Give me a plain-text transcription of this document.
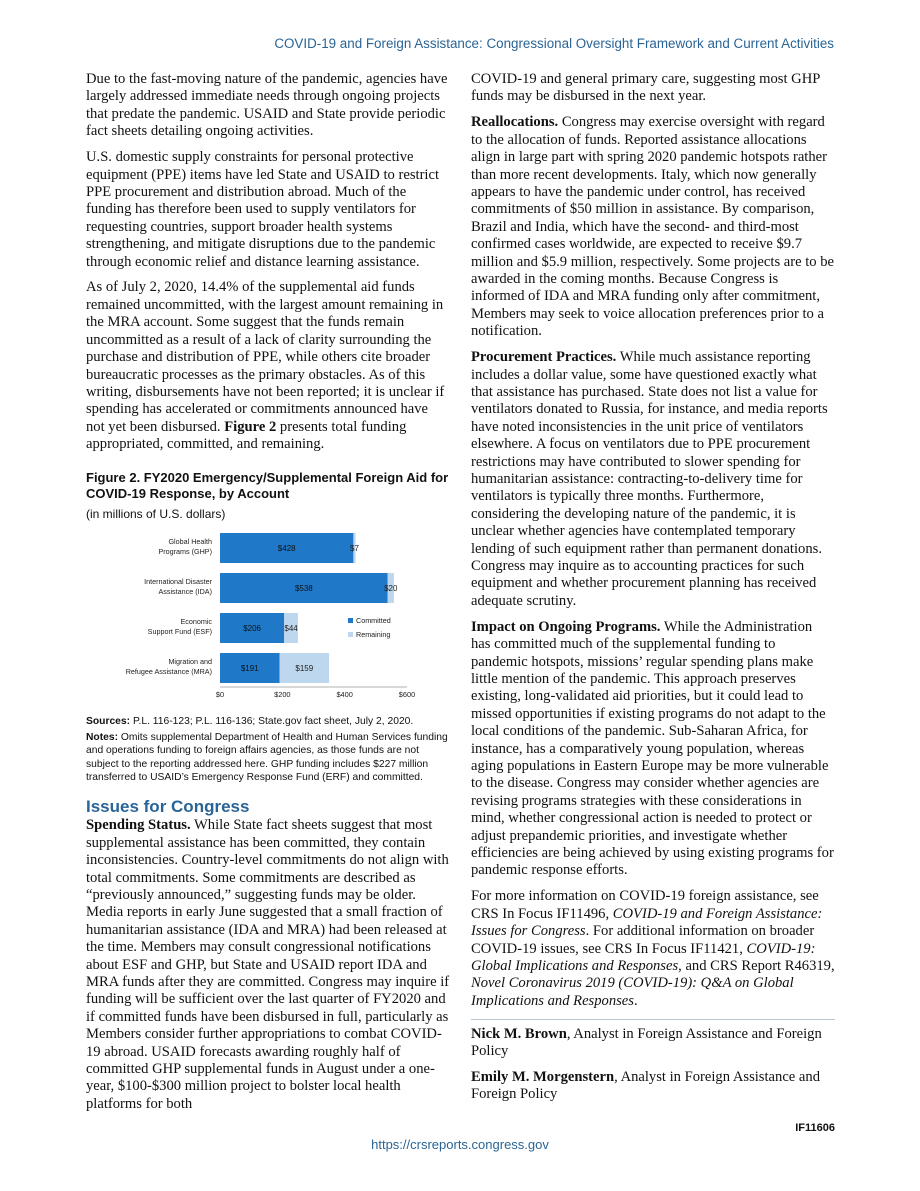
COVID-19 and Foreign Assistance: Congressional Oversight Framework and Current Activities

Due to the fast-moving nature of the pandemic, agencies have largely addressed immediate needs through ongoing projects that predate the pandemic. USAID and State provide periodic fact sheets detailing ongoing activities.

U.S. domestic supply constraints for personal protective equipment (PPE) items have led State and USAID to restrict PPE procurement and distribution abroad. Much of the funding has therefore been used to supply ventilators for requesting countries, support broader health systems strengthening, and mitigate disruptions due to the pandemic through economic relief and distance learning assistance.

As of July 2, 2020, 14.4% of the supplemental aid funds remained uncommitted, with the largest amount remaining in the MRA account. Some suggest that the funds remain uncommitted as a result of a lack of clarity surrounding the purchase and distribution of PPE, while others cite broader bureaucratic processes as the primary obstacles. As of this writing, disbursements have not been reported; it is unclear if spending has accelerated or commitments announced have not yet been disbursed. Figure 2 presents total funding appropriated, committed, and remaining.

Figure 2. FY2020 Emergency/Supplemental Foreign Aid for COVID-19 Response, by Account
(in millions of U.S. dollars)
Global Health
Programs (GHP)	$428	$7
International Disaster
Assistance (IDA)	$538	$20
Economic
Support Fund (ESF)	$206	$44
Migration and
Refugee Assistance (MRA)	$191	$159
$0	$200	$400	$600
Committed
Remaining
Sources: P.L. 116-123; P.L. 116-136; State.gov fact sheet, July 2, 2020.
Notes: Omits supplemental Department of Health and Human Services funding and operations funding to foreign affairs agencies, as those funds are not subject to the reporting addressed here. GHP funding includes $227 million transferred to USAID’s Emergency Response Fund (ERF) and committed.
Issues for Congress

Spending Status. While State fact sheets suggest that most supplemental assistance has been committed, they contain inconsistencies. Country-level commitments do not align with total commitments. Some commitments are described as “previously announced,” suggesting funds may be older. Media reports in early June suggested that a small fraction of humanitarian assistance (IDA and MRA) had been released at the time. Members may consult congressional notifications about ESF and GHP, but State and USAID report IDA and MRA funds after they are committed. Congress may inquire if funding will be sufficient over the last quarter of FY2020 and if committed funds have been disbursed in full, particularly as Members consider further appropriations to combat COVID-19 abroad. USAID forecasts awarding roughly half of committed GHP supplemental funds in August under a one-year, $100-$300 million project to bolster local health platforms for both

COVID-19 and general primary care, suggesting most GHP funds may be disbursed in the next year.

Reallocations. Congress may exercise oversight with regard to the allocation of funds. Reported assistance allocations align in large part with spring 2020 pandemic hotspots rather than more recent developments. Italy, which now generally appears to have the pandemic under control, has received commitments of $50 million in assistance. By comparison, Brazil and India, which have the second- and third-most confirmed cases worldwide, are expected to receive $9.7 million and $5.9 million, respectively. Some projects are to be awarded in the coming months. Because Congress is informed of IDA and MRA funding only after commitment, Members may seek to voice allocation preferences prior to a notification.

Procurement Practices. While much assistance reporting includes a dollar value, some have questioned exactly what that assistance has purchased. State does not list a value for ventilators donated to Russia, for instance, and media reports have noted inconsistencies in the unit price of ventilators elsewhere. A focus on ventilators due to PPE procurement restrictions may have contributed to slower spending for humanitarian assistance: contracting-to-delivery time for ventilators is typically three months. Furthermore, considering the developing nature of the pandemic, it is unclear whether agencies have contemplated temporary lending of such equipment rather than permanent donations. Congress may inquire as to accounting practices for such equipment and whether procurement planning has received adequate scrutiny.

Impact on Ongoing Programs. While the Administration has committed much of the supplemental funding to pandemic hotspots, missions’ regular spending plans make little mention of the pandemic. This approach preserves existing, long-validated aid priorities, but it could lead to missed opportunities if existing programs do not adapt to the local conditions of the pandemic. Sub-Saharan Africa, for instance, has a comparatively young population, whereas aging populations in Eastern Europe may be more vulnerable to the disease. Congress may consider whether agencies are revising programs strategies with these considerations in mind, whether congressional action is needed to protect or adjust prepandemic priorities, and investigate whether efficiencies are being achieved by using existing programs for pandemic response efforts.

For more information on COVID-19 foreign assistance, see CRS In Focus IF11496, COVID-19 and Foreign Assistance: Issues for Congress. For additional information on broader COVID-19 issues, see CRS In Focus IF11421, COVID-19: Global Implications and Responses, and CRS Report R46319, Novel Coronavirus 2019 (COVID-19): Q&A on Global Implications and Responses.

Nick M. Brown, Analyst in Foreign Assistance and Foreign Policy

Emily M. Morgenstern, Analyst in Foreign Assistance and Foreign Policy

IF11606
https://crsreports.congress.gov
